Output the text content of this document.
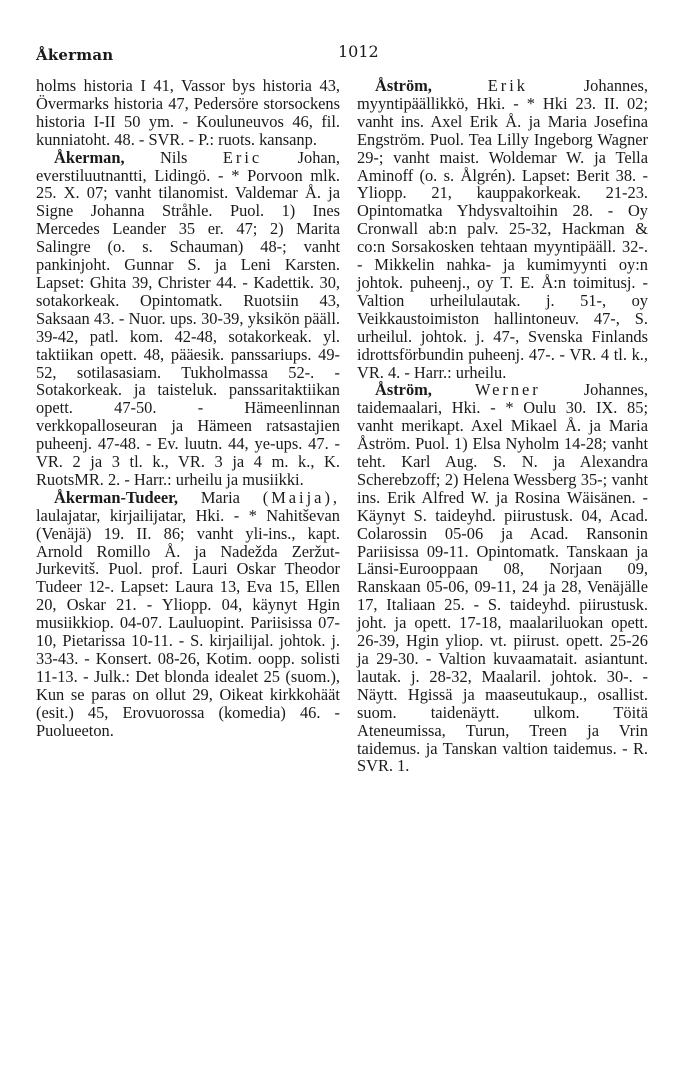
Åkerman	1012

holms historia I 41, Vassor bys historia 43, Övermarks historia 47, Pedersöre storsockens historia I-II 50 ym. - Kouluneuvos 46, fil. kunniatoht. 48. - SVR. - P.: ruots. kansanp.

Åkerman, Nils Eric Johan, everstiluutnantti, Lidingö. - * Porvoon mlk. 25. X. 07; vanht tilanomist. Valdemar Å. ja Signe Johanna Stråhle. Puol. 1) Ines Mercedes Leander 35 er. 47; 2) Marita Salingre (o. s. Schauman) 48-; vanht pankinjoht. Gunnar S. ja Leni Karsten. Lapset: Ghita 39, Christer 44. - Kadettik. 30, sotakorkeak. Opintomatk. Ruotsiin 43, Saksaan 43. - Nuor. ups. 30-39, yksikön pääll. 39-42, patl. kom. 42-48, sotakorkeak. yl. taktiikan opett. 48, pääesik. panssariups. 49-52, sotilasasiam. Tukholmassa 52-. - Sotakorkeak. ja taisteluk. panssaritaktiikan opett. 47-50. - Hämeenlinnan verkkopalloseuran ja Hämeen ratsastajien puheenj. 47-48. - Ev. luutn. 44, ye-ups. 47. - VR. 2 ja 3 tl. k., VR. 3 ja 4 m. k., K. RuotsMR. 2. - Harr.: urheilu ja musiikki.

Åkerman-Tudeer, Maria (Maija), laulajatar, kirjailijatar, Hki. - * Nahitševan (Venäjä) 19. II. 86; vanht yli-ins., kapt. Arnold Romillo Å. ja Nadežda Zeržut-Jurkevitš. Puol. prof. Lauri Oskar Theodor Tudeer 12-. Lapset: Laura 13, Eva 15, Ellen 20, Oskar 21. - Yliopp. 04, käynyt Hgin musiikkiop. 04-07. Lauluopint. Pariisissa 07-10, Pietarissa 10-11. - S. kirjailijal. johtok. j. 33-43. - Konsert. 08-26, Kotim. oopp. solisti 11-13. - Julk.: Det blonda idealet 25 (suom.), Kun se paras on ollut 29, Oikeat kirkkohäät (esit.) 45, Erovuorossa (komedia) 46. - Puolueeton.

Åström,	Erik	Johannes, myyntipäällikkö, Hki. - * Hki 23. II. 02; vanht ins. Axel Erik Å. ja Maria Josefina Engström. Puol. Tea Lilly Ingeborg Wagner 29-; vanht maist. Woldemar W. ja Tella Aminoff (o. s. Ålgrén). Lapset: Berit 38. - Yliopp. 21, kauppakorkeak. 21-23. Opintomatka Yhdysvaltoihin 28. - Oy Cronwall ab:n palv. 25-32, Hackman & co:n Sorsakosken tehtaan myyntipääll. 32-. - Mikkelin nahka- ja kumimyynti oy:n johtok. puheenj., oy T. E. Å:n toimitusj. - Valtion urheilulautak. j. 51-, oy Veikkaustoimiston hallintoneuv. 47-, S. urheilul. johtok. j. 47-, Svenska Finlands idrottsförbundin puheenj. 47-. - VR. 4 tl. k., VR. 4. - Harr.: urheilu.

Åström,	Werner	Johannes, taidemaalari, Hki. - * Oulu 30. IX. 85; vanht merikapt. Axel Mikael Å. ja Maria Åström. Puol. 1) Elsa Nyholm 14-28; vanht teht. Karl Aug. S. N. ja Alexandra Scherebzoff; 2) Helena Wessberg 35-; vanht ins. Erik Alfred W. ja Rosina Wäisänen. - Käynyt S. taideyhd. piirustusk. 04, Acad. Colarossin 05-06 ja Acad. Ransonin Pariisissa 09-11. Opintomatk. Tanskaan ja Länsi-Eurooppaan 08, Norjaan 09, Ranskaan 05-06, 09-11, 24 ja 28, Venäjälle 17, Italiaan 25. - S. taideyhd. piirustusk. joht. ja opett. 17-18, maalariluokan opett. 26-39, Hgin yliop. vt. piirust. opett. 25-26 ja 29-30. - Valtion kuvaamatait. asiantunt. lautak. j. 28-32, Maalaril. johtok. 30-. - Näytt. Hgissä ja maaseutukaup., osallist. suom. taidenäytt. ulkom. Töitä Ateneumissa, Turun, Treen ja Vrin taidemus. ja Tanskan valtion taidemus. - R. SVR. 1.
